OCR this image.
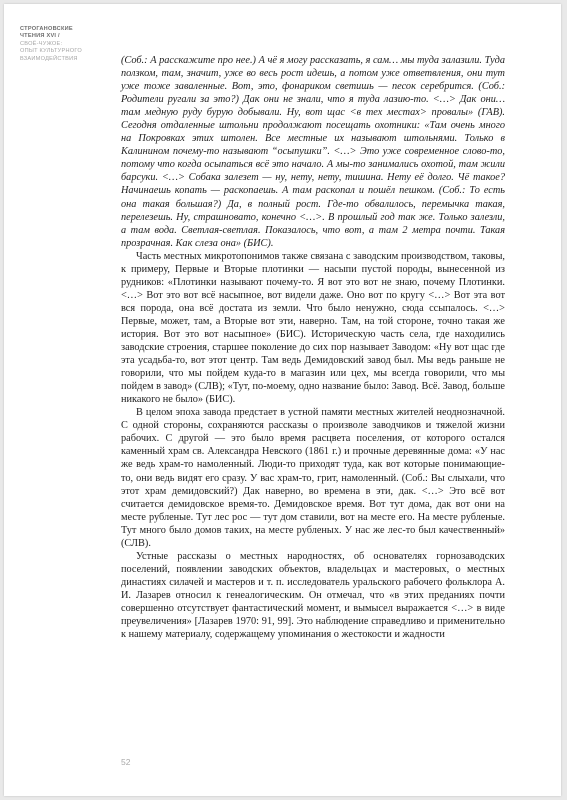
СТРОГАНОВСКИЕ
ЧТЕНИЯ XVI /
СВОЁ-ЧУЖОЕ:
ОПЫТ КУЛЬТУРНОГО
ВЗАИМОДЕЙСТВИЯ	(Соб.: А расскажите про нее.) А чё я могу рассказать, я сам… мы туда залазили. Туда ползком, там, значит, уже во весь рост идешь, а потом уже ответвления, они тут уже тоже заваленные. Вот, это, фонариком светишь — песок серебрится. (Соб.: Родители ругали за это?) Дак они не знали, что я туда лазию-то. <…> Дак они… там медную руду бурую добывали. Ну, вот щас <в тех местах> провалы» (ГАВ). Сегодня отдаленные штольни продолжают посещать охотники: «Там очень много на Покровках этих штолен. Все местные их называют штольнями. Только в Калинином почему-то называют “осыпушки”. <…> Это уже современное слово-то, потому что когда осыпаться всё это начало. А мы-то занимались охотой, там жили барсуки. <…> Собака залезет — ну, нету, нету, тишина. Нету её долго. Чё такое? Начинаешь копать — раскопаешь. А там раскопал и пошёл пешком. (Соб.: То есть она такая большая?) Да, в полный рост. Где-то обвалилось, перемычка такая, перелезешь. Ну, страшновато, конечно <…>. В прошлый год так же. Только залезли, а там вода. Светлая-светлая. Показалось, что вот, а там 2 метра почти. Такая прозрачная. Как слеза она» (БИС).

Часть местных микротопонимов также связана с заводским производством, таковы, к примеру, Первые и Вторые плотинки — насыпи пустой породы, вынесенной из рудников: «Плотинки называют почему-то. Я вот это вот не знаю, почему Плотинки. <…> Вот это вот всё насыпное, вот видели даже. Оно вот по кругу <…> Вот эта вот вся порода, она всё достата из земли. Что было ненужно, сюда ссыпалось. <…> Первые, может, там, а Вторые вот эти, наверно. Там, на той стороне, точно такая же история. Вот это вот насыпное» (БИС). Историческую часть села, где находились заводские строения, старшее поколение до сих пор называет Заводом: «Ну вот щас где эта усадьба-то, вот этот центр. Там ведь Демидовский завод был. Мы ведь раньше не говорили, что мы пойдем куда-то в магазин или цех, мы всегда говорили, что мы пойдем в завод» (СЛВ); «Тут, по-моему, одно название было: Завод. Всё. Завод, больше никакого не было» (БИС).

В целом эпоха завода предстает в устной памяти местных жителей неоднозначной. С одной стороны, сохраняются рассказы о произволе заводчиков и тяжелой жизни рабочих. С другой — это было время расцвета поселения, от которого остался каменный храм св. Александра Невского (1861 г.) и прочные деревянные дома: «У нас же ведь храм-то намоленный. Люди-то приходят туда, как вот которые понимающие-то, они ведь видят его сразу. У вас храм-то, грит, намоленный. (Соб.: Вы слыхали, что этот храм демидовский?) Дак наверно, во времена в эти, дак. <…> Это всё вот считается демидовское время-то. Демидовское время. Вот тут дома, дак вот они на месте рубленые. Тут лес рос — тут дом ставили, вот на месте его. На месте рубленые. Тут много было домов таких, на месте рубленых. У нас же лес-то был качественный» (СЛВ).

Устные рассказы о местных народностях, об основателях горнозаводских поселений, появлении заводских объектов, владельцах и мастеровых, о местных династиях силачей и мастеров и т. п. исследователь уральского рабочего фольклора А. И. Лазарев относил к генеалогическим. Он отмечал, что «в этих преданиях почти совершенно отсутствует фантастический момент, и вымысел выражается <…> в виде преувеличения» [Лазарев 1970: 91, 99]. Это наблюдение справедливо и применительно к нашему материалу, содержащему упоминания о жестокости и жадности

52
